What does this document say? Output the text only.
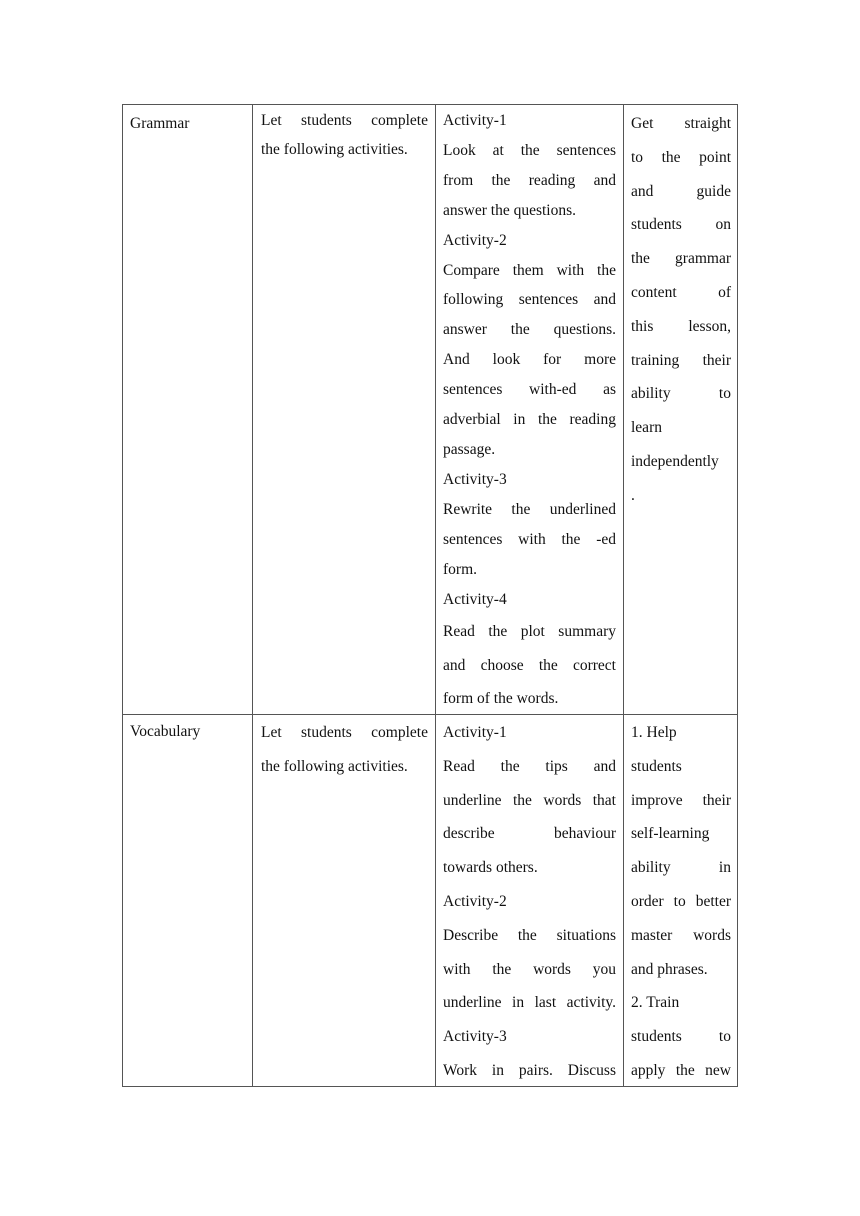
Grammar	Let students complete
the following activities.
Activity-1
Look at the sentences
from the reading and
answer the questions.
Activity-2
Compare them with the
following sentences and
answer the questions.
And look for more
sentences with-ed as
adverbial in the reading
passage.
Activity-3
Rewrite the underlined
sentences with the -ed
form.
Activity-4
Read the plot summary
and choose the correct
form of the words.
Get straight
to the point
and guide
students on
the grammar
content of
this lesson,
training their
ability to
learn
independently
.
Vocabulary	Let students complete
the following activities.
Activity-1
Read the tips and
underline the words that
describe behaviour
towards others.
Activity-2
Describe the situations
with the words you
underline in last activity.
Activity-3
Work in pairs. Discuss
1. Help
students
improve their
self-learning
ability in
order to better
master words
and phrases.
2. Train
students to
apply the new
